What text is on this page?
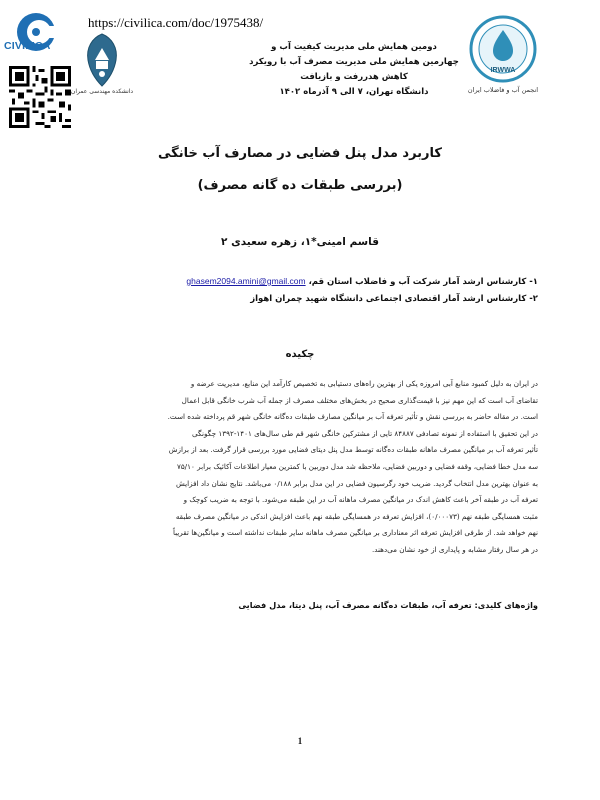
https://civilica.com/doc/1975438/
CIVILICA
دانشکده مهندسی عمران
دومین همایش ملی مدیریت کیفیت آب و
چهارمین همایش ملی مدیریت مصرف آب با رویکرد کاهش هدررفت و بازیافت
دانشگاه تهران، ۷ الی ۹ آذرماه ۱۴۰۲
IRWWA
انجمن آب و فاضلاب ایران
کاربرد مدل پنل فضایی در مصارف آب خانگی
(بررسی طبقات ده گانه مصرف)
قاسم امینی*۱، زهره سعیدی ۲
۱- کارشناس ارشد آمار شرکت آب و فاضلاب استان قم، ghasem2094.amini@gmail.com
۲- کارشناس ارشد آمار اقتصادی اجتماعی دانشگاه شهید چمران اهواز
چکیده
در ایران به دلیل کمبود منابع آبی امروزه یکی از بهترین راه‌های دستیابی به تخصیص کارآمد این منابع، مدیریت عرضه و
تقاضای آب است که این مهم نیز با قیمت‌گذاری صحیح در بخش‌های مختلف مصرف از جمله آب شرب خانگی قابل اعمال
است. در مقاله حاضر به بررسی نقش و تأثیر تعرفه آب بر میانگین مصارف طبقات ده‌گانه خانگی شهر قم پرداخته شده است.
در این تحقیق با استفاده از نمونه تصادفی ۸۴۸۸۷ تایی از مشترکین خانگی شهر قم طی سال‌های ۱۴۰۱-۱۳۹۲ چگونگی
تأثیر تعرفه آب بر میانگین مصرف ماهانه طبقات ده‌گانه توسط مدل پنل دیتای فضایی مورد بررسی قرار گرفت. بعد از برازش
سه مدل خطا فضایی، وقفه فضایی و دوربین فضایی، ملاحظه شد مدل دوربین با کمترین معیار اطلاعات آکائیک برابر ۷۵/۱۰
به عنوان بهترین مدل انتخاب گردید. ضریب خود رگرسیون فضایی در این مدل برابر ۰/۱۸۸ می‌باشد. نتایج نشان داد افزایش
تعرفه آب در طبقه آخر باعث کاهش اندک در میانگین مصرف ماهانه آب در این طبقه می‌شود. با توجه به ضریب کوچک و
مثبت همسایگی طبقه نهم (۰/۰۰۰۷۳)، افزایش تعرفه در همسایگی طبقه نهم باعث افزایش اندکی در میانگین مصرف طبقه
نهم خواهد شد. از طرفی افزایش تعرفه اثر معناداری بر میانگین مصرف ماهانه سایر طبقات نداشته است و میانگین‌ها تقریباً
در هر سال رفتار مشابه و پایداری از خود نشان می‌دهند.
واژه‌های کلیدی: تعرفه آب، طبقات ده‌گانه مصرف آب، پنل دیتا، مدل فضایی
1
